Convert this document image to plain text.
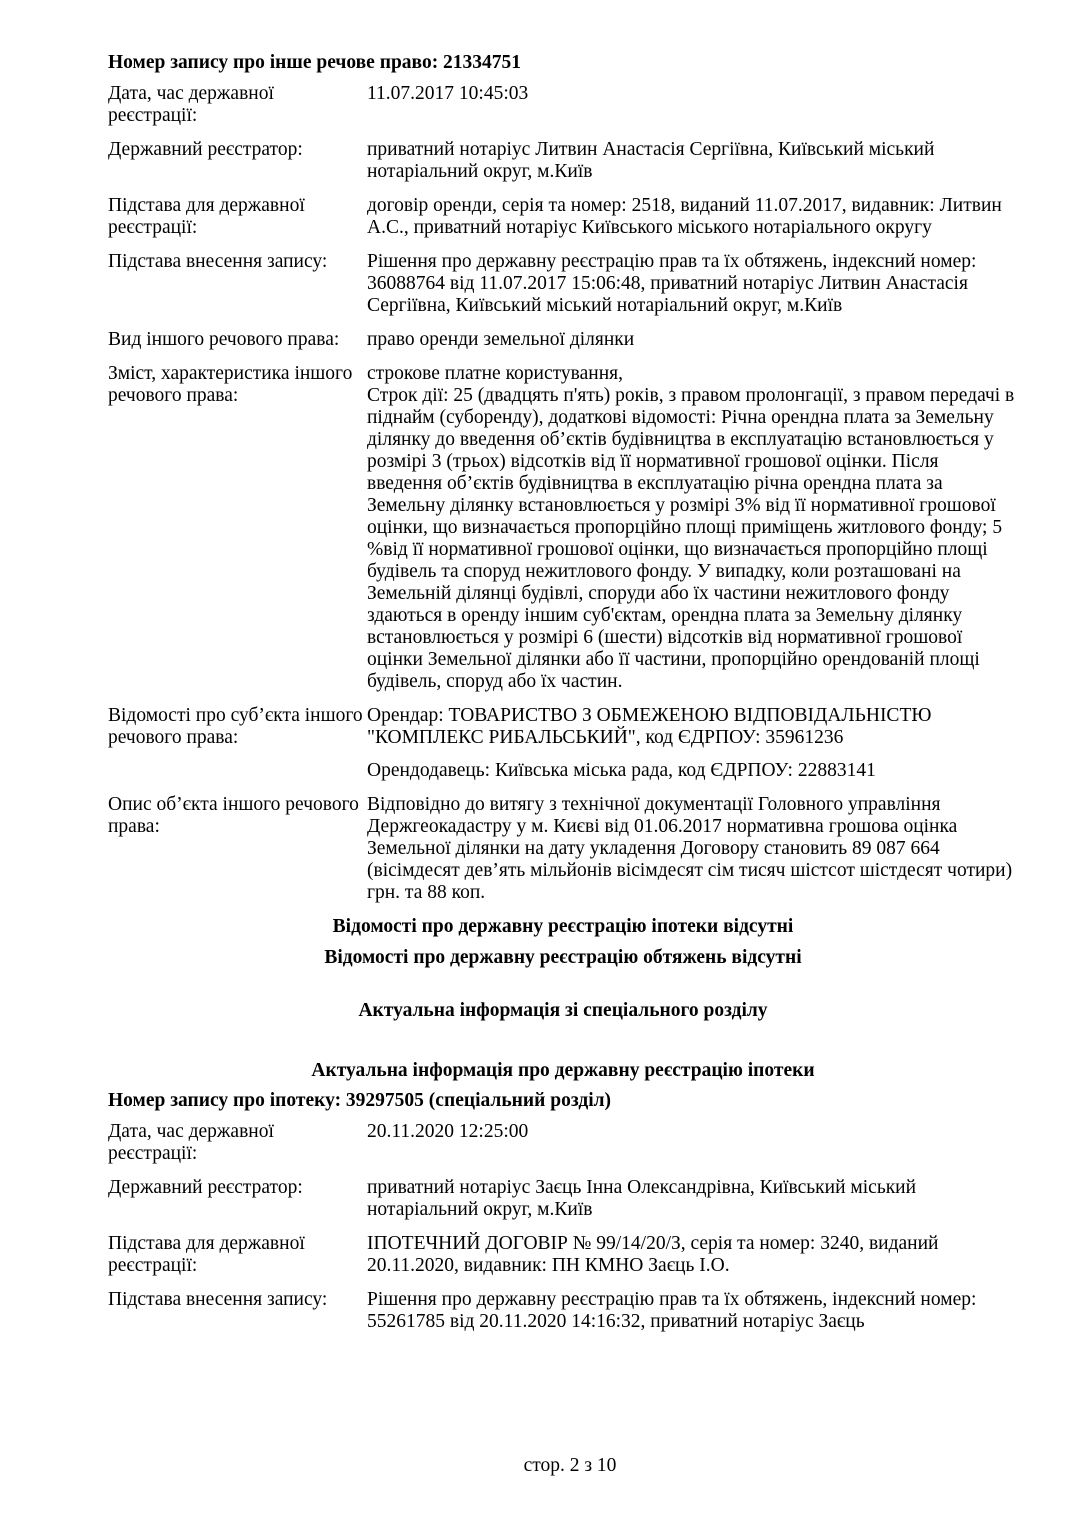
Номер запису про інше речове право: 21334751
Дата, час державної реєстрації:

11.07.2017 10:45:03

Державний реєстратор:	приватний нотаріус Литвин Анастасія Сергіївна, Київський міський нотаріальний округ, м.Київ

Підстава для державної реєстрації:

договір оренди, серія та номер: 2518, виданий 11.07.2017, видавник: Литвин А.С., приватний нотаріус Київського міського нотаріального округу

Підстава внесення запису:	Рішення про державну реєстрацію прав та їх обтяжень, індексний номер: 36088764 від 11.07.2017 15:06:48, приватний нотаріус Литвин Анастасія Сергіївна, Київський міський нотаріальний округ, м.Київ

Вид іншого речового права:	право оренди земельної ділянки

Зміст, характеристика іншого речового права:

строкове платне користування,
Строк дії: 25 (двадцять п'ять) років, з правом пролонгації, з правом передачі в піднайм (суборенду), додаткові відомості: Річна орендна плата за Земельну ділянку до введення об’єктів будівництва в експлуатацію встановлюється у розмірі 3 (трьох) відсотків від її нормативної грошової оцінки. Після введення об’єктів будівництва в експлуатацію річна орендна плата за Земельну ділянку встановлюється у розмірі 3% від її нормативної грошової оцінки, що визначається пропорційно площі приміщень житлового фонду; 5 %від її нормативної грошової оцінки, що визначається пропорційно площі будівель та споруд нежитлового фонду. У випадку, коли розташовані на Земельній ділянці будівлі, споруди або їх частини нежитлового фонду здаються в оренду іншим суб'єктам, орендна плата за Земельну ділянку встановлюється у розмірі 6 (шести) відсотків від нормативної грошової оцінки Земельної ділянки або її частини, пропорційно орендованій площі будівель, споруд або їх частин.

Відомості про суб’єкта іншого речового права:

Орендар: ТОВАРИСТВО З ОБМЕЖЕНОЮ ВІДПОВІДАЛЬНІСТЮ "КОМПЛЕКС РИБАЛЬСЬКИЙ", код ЄДРПОУ: 35961236

Орендодавець: Київська міська рада, код ЄДРПОУ: 22883141

Опис об’єкта іншого речового права:

Відповідно до витягу з технічної документації Головного управління Держгеокадастру у м. Києві від 01.06.2017 нормативна грошова оцінка Земельної ділянки на дату укладення Договору становить 89 087 664 (вісімдесят дев’ять мільйонів вісімдесят сім тисяч шістсот шістдесят чотири) грн. та 88 коп.

Відомості про державну реєстрацію іпотеки відсутні
Відомості про державну реєстрацію обтяжень відсутні
Актуальна інформація зі спеціального розділу
Актуальна інформація про державну реєстрацію іпотеки
Номер запису про іпотеку: 39297505 (спеціальний розділ)
Дата, час державної реєстрації:

20.11.2020 12:25:00

Державний реєстратор:	приватний нотаріус Заєць Інна Олександрівна, Київський міський нотаріальний округ, м.Київ

Підстава для державної реєстрації:

ІПОТЕЧНИЙ ДОГОВІР № 99/14/20/З, серія та номер: 3240, виданий 20.11.2020, видавник: ПН КМНО Заєць І.О.

Підстава внесення запису:	Рішення про державну реєстрацію прав та їх обтяжень, індексний номер: 55261785 від 20.11.2020 14:16:32, приватний нотаріус Заєць

стор. 2 з 10
